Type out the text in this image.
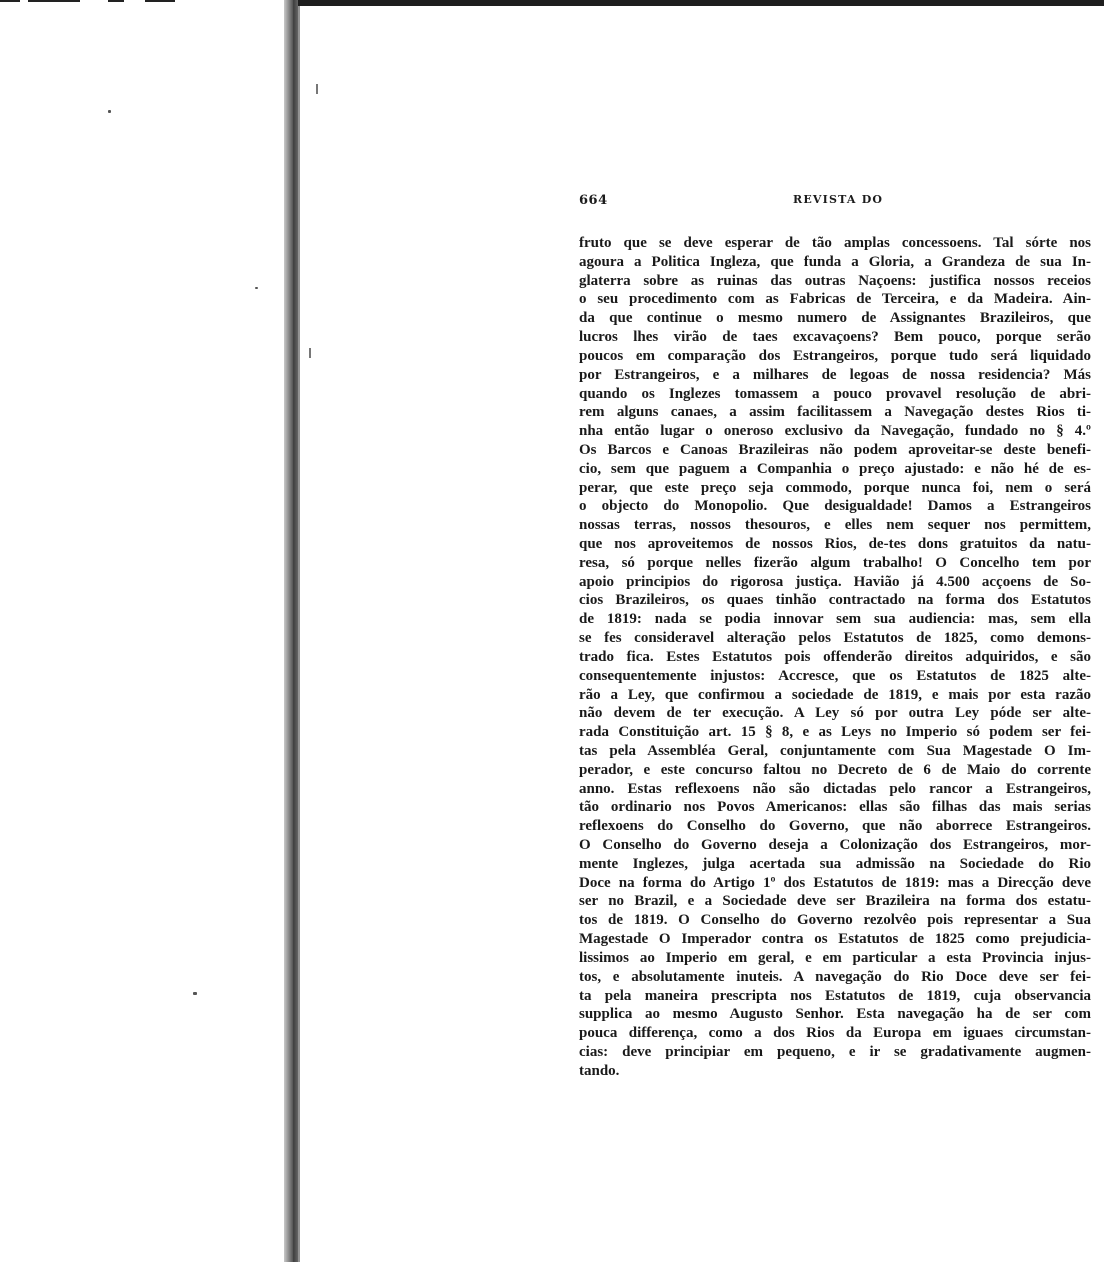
664	REVISTA DO
fruto que se deve esperar de tão amplas concessoens. Tal sórte nos
agoura a Politica Ingleza, que funda a Gloria, a Grandeza de sua In-
glaterra sobre as ruinas das outras Naçoens: justifica nossos receios
o seu procedimento com as Fabricas de Terceira, e da Madeira. Ain-
da que continue o mesmo numero de Assignantes Brazileiros, que
lucros lhes virão de taes excavaçoens? Bem pouco, porque serão
poucos em comparação dos Estrangeiros, porque tudo será liquidado
por Estrangeiros, e a milhares de legoas de nossa residencia? Más
quando os Inglezes tomassem a pouco provavel resolução de abri-
rem alguns canaes, a assim facilitassem a Navegação destes Rios ti-
nha então lugar o oneroso exclusivo da Navegação, fundado no § 4.º
Os Barcos e Canoas Brazileiras não podem aproveitar-se deste benefi-
cio, sem que paguem a Companhia o preço ajustado: e não hé de es-
perar, que este preço seja commodo, porque nunca foi, nem o será
o objecto do Monopolio. Que desigualdade! Damos a Estrangeiros
nossas terras, nossos thesouros, e elles nem sequer nos permittem,
que nos aproveitemos de nossos Rios, de-tes dons gratuitos da natu-
resa, só porque nelles fizerão algum trabalho! O Concelho tem por
apoio principios do rigorosa justiça. Havião já 4.500 acçoens de So-
cios Brazileiros, os quaes tinhão contractado na forma dos Estatutos
de 1819: nada se podia innovar sem sua audiencia: mas, sem ella
se fes consideravel alteração pelos Estatutos de 1825, como demons-
trado fica. Estes Estatutos pois offenderão direitos adquiridos, e são
consequentemente injustos: Accresce, que os Estatutos de 1825 alte-
rão a Ley, que confirmou a sociedade de 1819, e mais por esta razão
não devem de ter execução. A Ley só por outra Ley póde ser alte-
rada Constituição art. 15 § 8, e as Leys no Imperio só podem ser fei-
tas pela Assembléa Geral, conjuntamente com Sua Magestade O Im-
perador, e este concurso faltou no Decreto de 6 de Maio do corrente
anno. Estas reflexoens não são dictadas pelo rancor a Estrangeiros,
tão ordinario nos Povos Americanos: ellas são filhas das mais serias
reflexoens do Conselho do Governo, que não aborrece Estrangeiros.
O Conselho do Governo deseja a Colonização dos Estrangeiros, mor-
mente Inglezes, julga acertada sua admissão na Sociedade do Rio
Doce na forma do Artigo 1º dos Estatutos de 1819: mas a Direcção deve
ser no Brazil, e a Sociedade deve ser Brazileira na forma dos estatu-
tos de 1819. O Conselho do Governo rezolvêo pois representar a Sua
Magestade O Imperador contra os Estatutos de 1825 como prejudicia-
lissimos ao Imperio em geral, e em particular a esta Provincia injus-
tos, e absolutamente inuteis. A navegação do Rio Doce deve ser fei-
ta pela maneira prescripta nos Estatutos de 1819, cuja observancia
supplica ao mesmo Augusto Senhor. Esta navegação ha de ser com
pouca differença, como a dos Rios da Europa em iguaes circumstan-
cias: deve principiar em pequeno, e ir se gradativamente augmen-
tando.
